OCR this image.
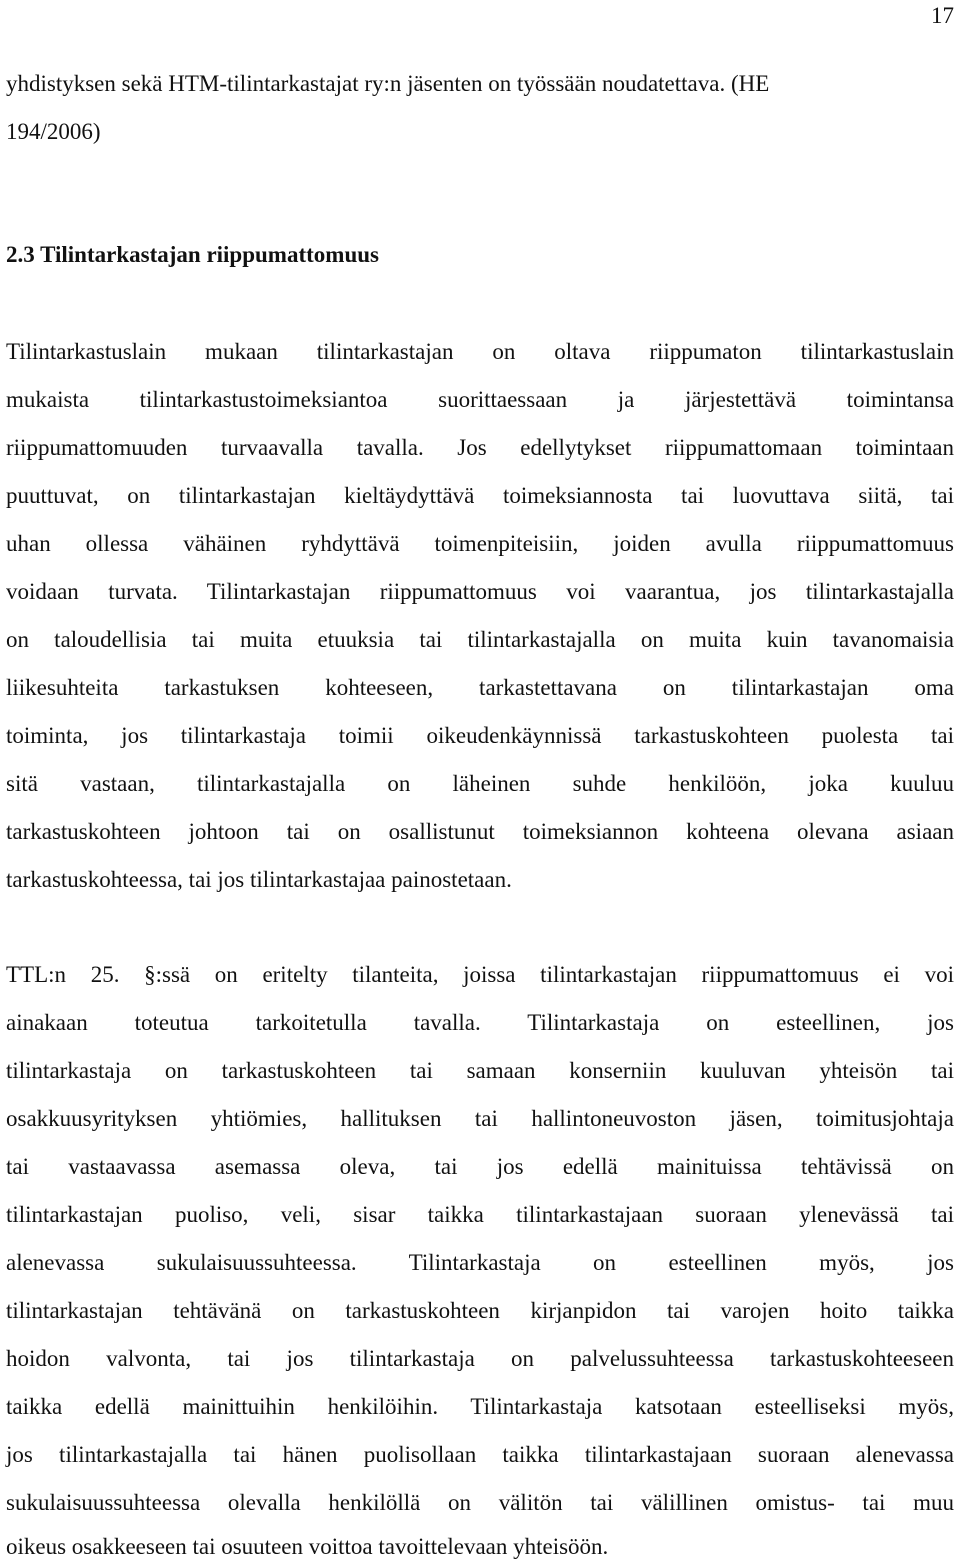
17
yhdistyksen sekä HTM-tilintarkastajat ry:n jäsenten on työssään noudatettava. (HE
194/2006)
2.3 Tilintarkastajan riippumattomuus
Tilintarkastuslain mukaan tilintarkastajan on oltava riippumaton tilintarkastuslain
mukaista tilintarkastustoimeksiantoa suorittaessaan ja järjestettävä toimintansa
riippumattomuuden turvaavalla tavalla. Jos edellytykset riippumattomaan toimintaan
puuttuvat, on tilintarkastajan kieltäydyttävä toimeksiannosta tai luovuttava siitä, tai
uhan ollessa vähäinen ryhdyttävä toimenpiteisiin, joiden avulla riippumattomuus
voidaan turvata. Tilintarkastajan riippumattomuus voi vaarantua, jos tilintarkastajalla
on taloudellisia tai muita etuuksia tai tilintarkastajalla on muita kuin tavanomaisia
liikesuhteita tarkastuksen kohteeseen, tarkastettavana on tilintarkastajan oma
toiminta, jos tilintarkastaja toimii oikeudenkäynnissä tarkastuskohteen puolesta tai
sitä vastaan, tilintarkastajalla on läheinen suhde henkilöön, joka kuuluu
tarkastuskohteen johtoon tai on osallistunut toimeksiannon kohteena olevana asiaan
tarkastuskohteessa, tai jos tilintarkastajaa painostetaan.
TTL:n 25. §:ssä on eritelty tilanteita, joissa tilintarkastajan riippumattomuus ei voi
ainakaan toteutua tarkoitetulla tavalla. Tilintarkastaja on esteellinen, jos
tilintarkastaja on tarkastuskohteen tai samaan konserniin kuuluvan yhteisön tai
osakkuusyrityksen yhtiömies, hallituksen tai hallintoneuvoston jäsen, toimitusjohtaja
tai vastaavassa asemassa oleva, tai jos edellä mainituissa tehtävissä on
tilintarkastajan puoliso, veli, sisar taikka tilintarkastajaan suoraan ylenevässä tai
alenevassa sukulaisuussuhteessa. Tilintarkastaja on esteellinen myös, jos
tilintarkastajan tehtävänä on tarkastuskohteen kirjanpidon tai varojen hoito taikka
hoidon valvonta, tai jos tilintarkastaja on palvelussuhteessa tarkastuskohteeseen
taikka edellä mainittuihin henkilöihin. Tilintarkastaja katsotaan esteelliseksi myös,
jos tilintarkastajalla tai hänen puolisollaan taikka tilintarkastajaan suoraan alenevassa
sukulaisuussuhteessa olevalla henkilöllä on välitön tai välillinen omistus- tai muu
oikeus osakkeeseen tai osuuteen voittoa tavoittelevaan yhteisöön.
